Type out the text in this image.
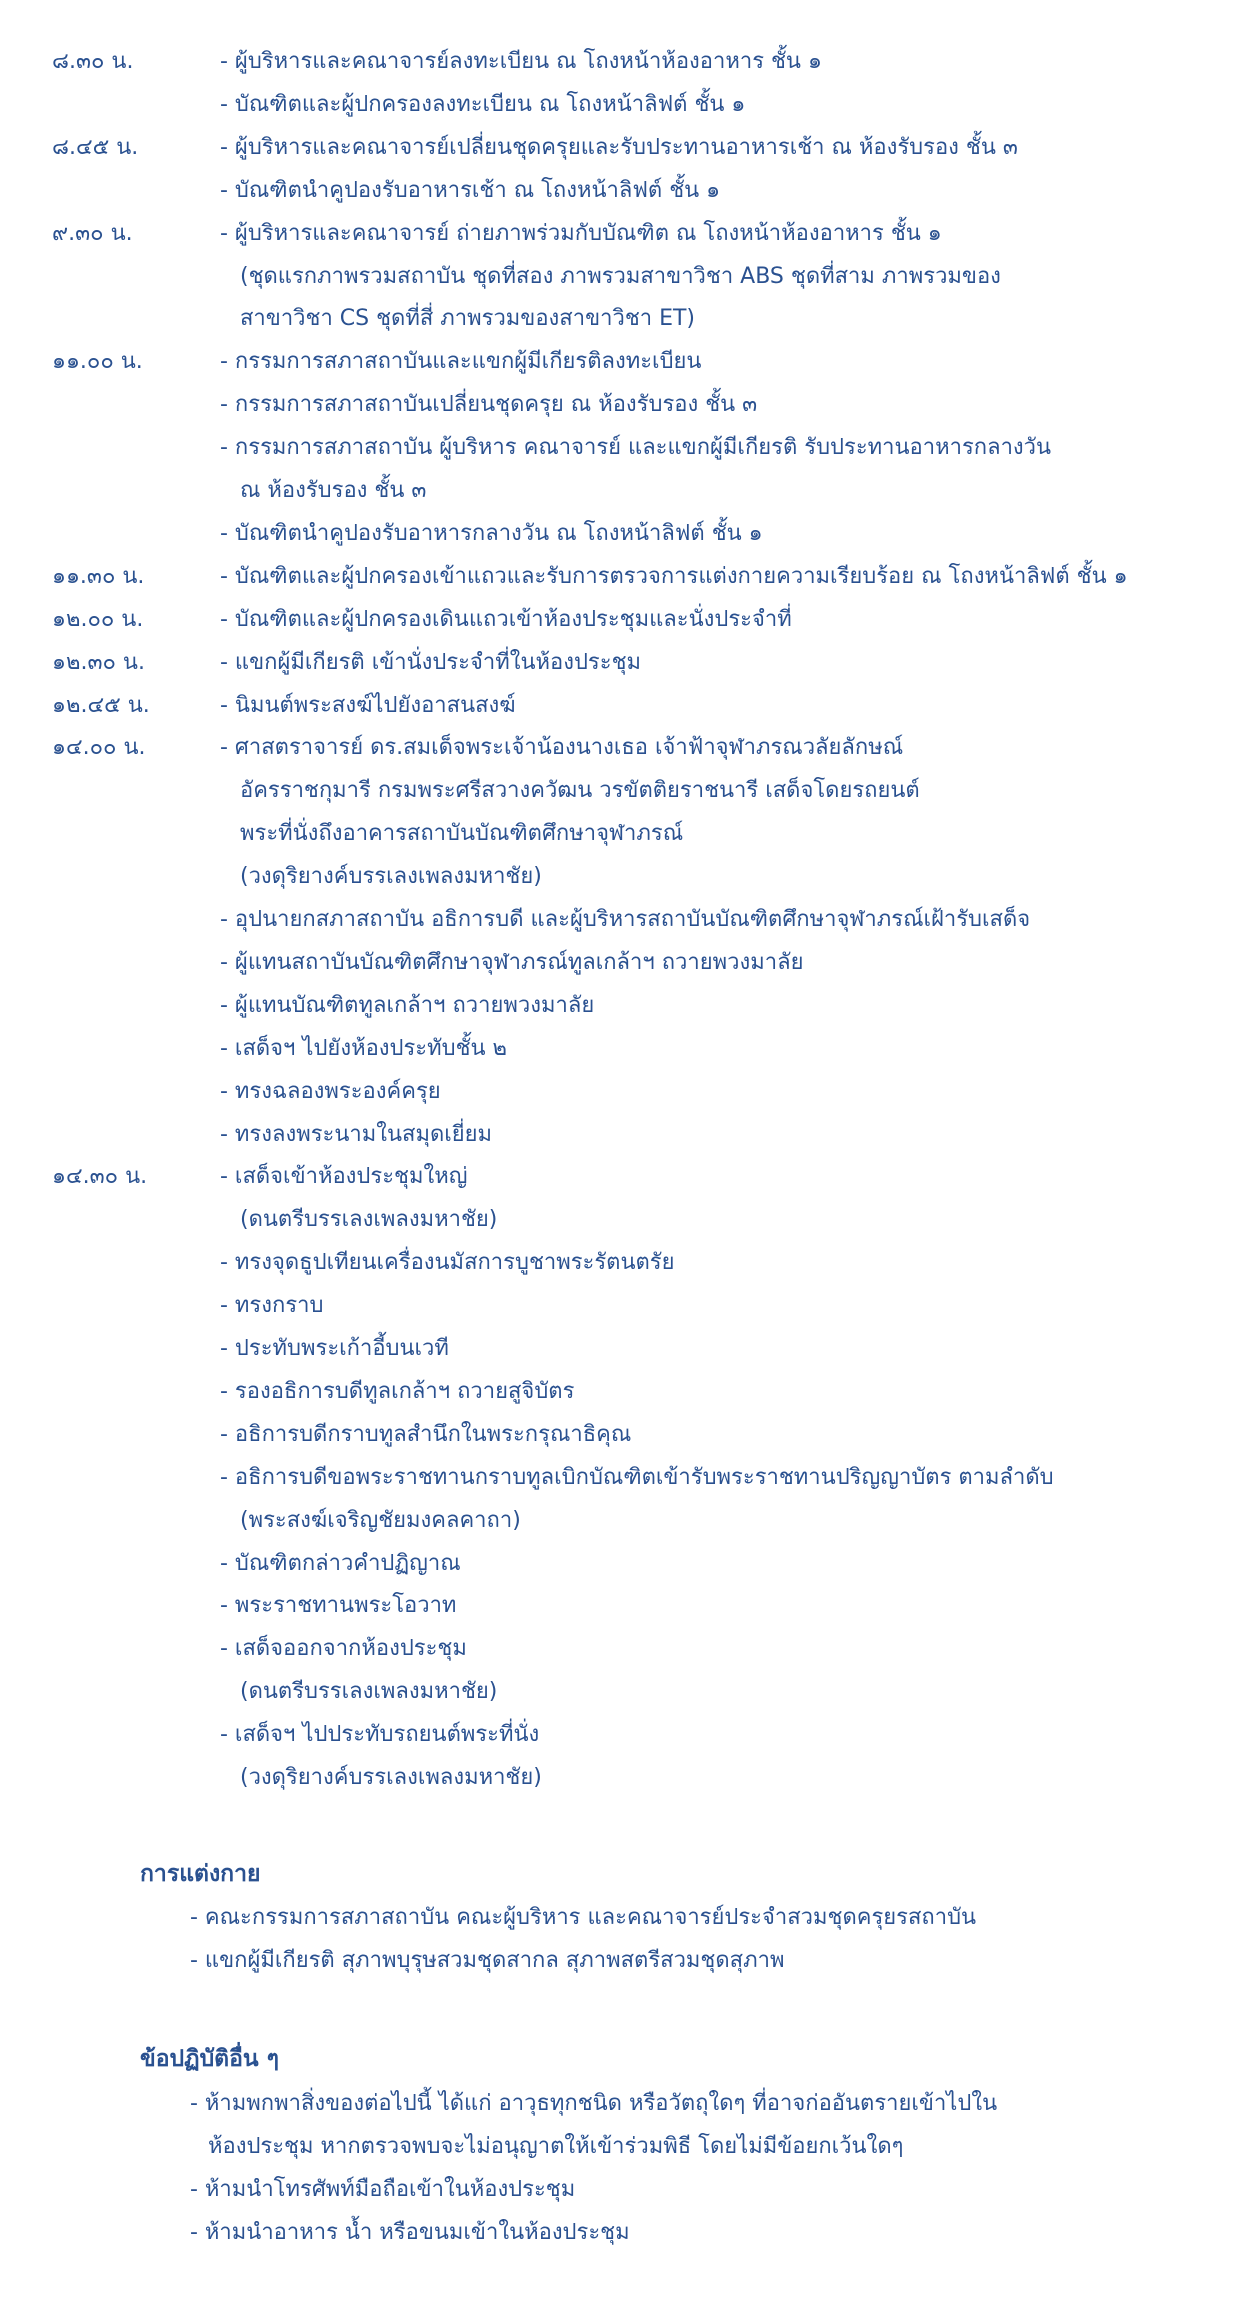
๘.๓๐ น.	- ผู้บริหารและคณาจารย์ลงทะเบียน ณ โถงหน้าห้องอาหาร ชั้น ๑
- บัณฑิตและผู้ปกครองลงทะเบียน ณ โถงหน้าลิฟต์ ชั้น ๑
๘.๔๕ น.	- ผู้บริหารและคณาจารย์เปลี่ยนชุดครุยและรับประทานอาหารเช้า ณ ห้องรับรอง ชั้น ๓
- บัณฑิตนำคูปองรับอาหารเช้า ณ โถงหน้าลิฟต์ ชั้น ๑
๙.๓๐ น.	- ผู้บริหารและคณาจารย์ ถ่ายภาพร่วมกับบัณฑิต ณ โถงหน้าห้องอาหาร ชั้น ๑
(ชุดแรกภาพรวมสถาบัน ชุดที่สอง ภาพรวมสาขาวิชา ABS ชุดที่สาม ภาพรวมของ
สาขาวิชา CS ชุดที่สี่ ภาพรวมของสาขาวิชา ET)
๑๑.๐๐ น.	- กรรมการสภาสถาบันและแขกผู้มีเกียรติลงทะเบียน
- กรรมการสภาสถาบันเปลี่ยนชุดครุย ณ ห้องรับรอง ชั้น ๓
- กรรมการสภาสถาบัน ผู้บริหาร คณาจารย์ และแขกผู้มีเกียรติ รับประทานอาหารกลางวัน
ณ ห้องรับรอง ชั้น ๓
- บัณฑิตนำคูปองรับอาหารกลางวัน ณ โถงหน้าลิฟต์ ชั้น ๑
๑๑.๓๐ น.	- บัณฑิตและผู้ปกครองเข้าแถวและรับการตรวจการแต่งกายความเรียบร้อย ณ โถงหน้าลิฟต์ ชั้น ๑
๑๒.๐๐ น.	- บัณฑิตและผู้ปกครองเดินแถวเข้าห้องประชุมและนั่งประจำที่
๑๒.๓๐ น.	- แขกผู้มีเกียรติ เข้านั่งประจำที่ในห้องประชุม
๑๒.๔๕ น.	- นิมนต์พระสงฆ์ไปยังอาสนสงฆ์
๑๔.๐๐ น.	- ศาสตราจารย์ ดร.สมเด็จพระเจ้าน้องนางเธอ เจ้าฟ้าจุฬาภรณวลัยลักษณ์
อัครราชกุมารี กรมพระศรีสวางควัฒน วรขัตติยราชนารี เสด็จโดยรถยนต์
พระที่นั่งถึงอาคารสถาบันบัณฑิตศึกษาจุฬาภรณ์
(วงดุริยางค์บรรเลงเพลงมหาชัย)
- อุปนายกสภาสถาบัน อธิการบดี และผู้บริหารสถาบันบัณฑิตศึกษาจุฬาภรณ์เฝ้ารับเสด็จ
- ผู้แทนสถาบันบัณฑิตศึกษาจุฬาภรณ์ทูลเกล้าฯ ถวายพวงมาลัย
- ผู้แทนบัณฑิตทูลเกล้าฯ ถวายพวงมาลัย
- เสด็จฯ ไปยังห้องประทับชั้น ๒
- ทรงฉลองพระองค์ครุย
- ทรงลงพระนามในสมุดเยี่ยม
๑๔.๓๐ น.	- เสด็จเข้าห้องประชุมใหญ่
(ดนตรีบรรเลงเพลงมหาชัย)
- ทรงจุดธูปเทียนเครื่องนมัสการบูชาพระรัตนตรัย
- ทรงกราบ
- ประทับพระเก้าอี้บนเวที
- รองอธิการบดีทูลเกล้าฯ ถวายสูจิบัตร
- อธิการบดีกราบทูลสำนึกในพระกรุณาธิคุณ
- อธิการบดีขอพระราชทานกราบทูลเบิกบัณฑิตเข้ารับพระราชทานปริญญาบัตร ตามลำดับ
(พระสงฆ์เจริญชัยมงคลคาถา)
- บัณฑิตกล่าวคำปฏิญาณ
- พระราชทานพระโอวาท
- เสด็จออกจากห้องประชุม
(ดนตรีบรรเลงเพลงมหาชัย)
- เสด็จฯ ไปประทับรถยนต์พระที่นั่ง
(วงดุริยางค์บรรเลงเพลงมหาชัย)
การแต่งกาย
- คณะกรรมการสภาสถาบัน คณะผู้บริหาร และคณาจารย์ประจำสวมชุดครุยรสถาบัน
- แขกผู้มีเกียรติ สุภาพบุรุษสวมชุดสากล สุภาพสตรีสวมชุดสุภาพ
ข้อปฏิบัติอื่น ๆ
- ห้ามพกพาสิ่งของต่อไปนี้ ได้แก่ อาวุธทุกชนิด หรือวัตถุใดๆ ที่อาจก่ออันตรายเข้าไปใน
ห้องประชุม หากตรวจพบจะไม่อนุญาตให้เข้าร่วมพิธี โดยไม่มีข้อยกเว้นใดๆ
- ห้ามนำโทรศัพท์มือถือเข้าในห้องประชุม
- ห้ามนำอาหาร น้ำ หรือขนมเข้าในห้องประชุม
